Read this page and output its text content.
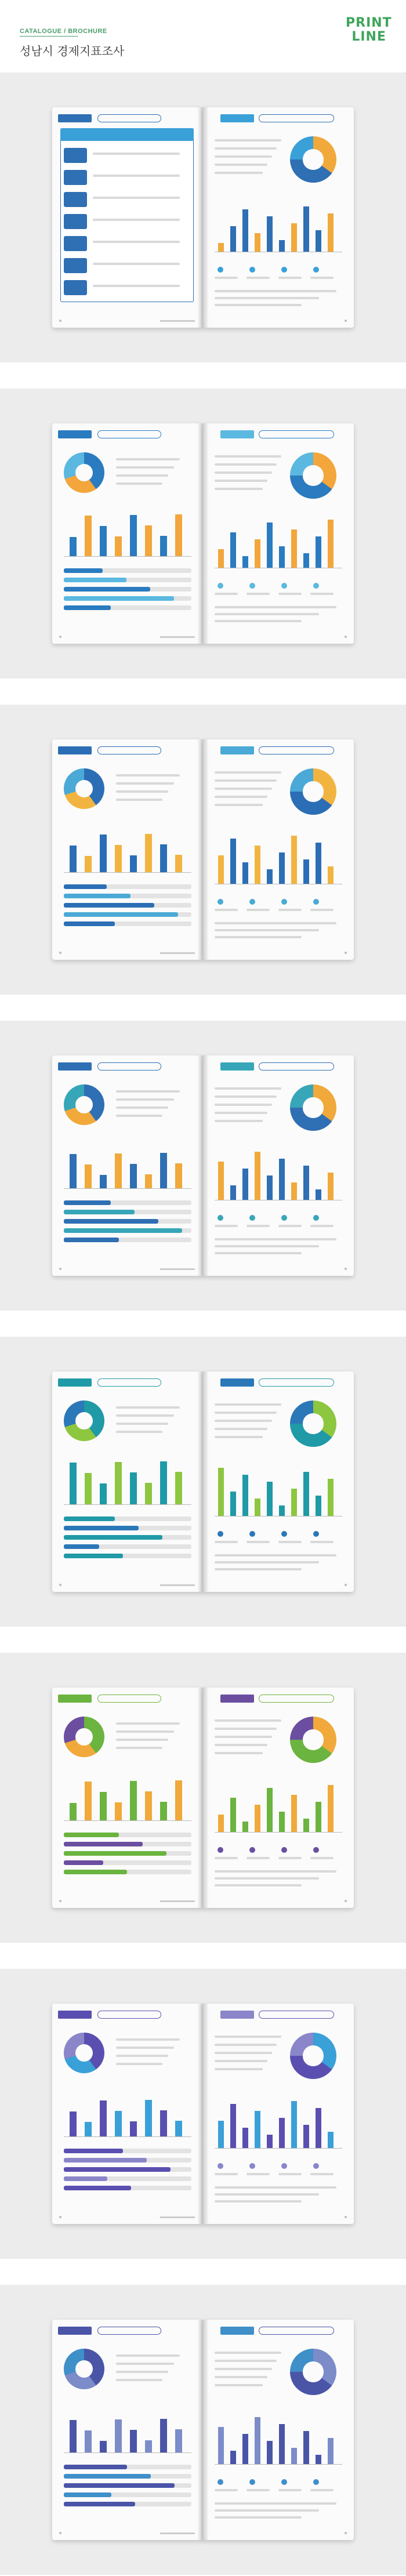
CATALOGUE / BROCHURE
성남시 경제지표조사
PRINT
LINE
